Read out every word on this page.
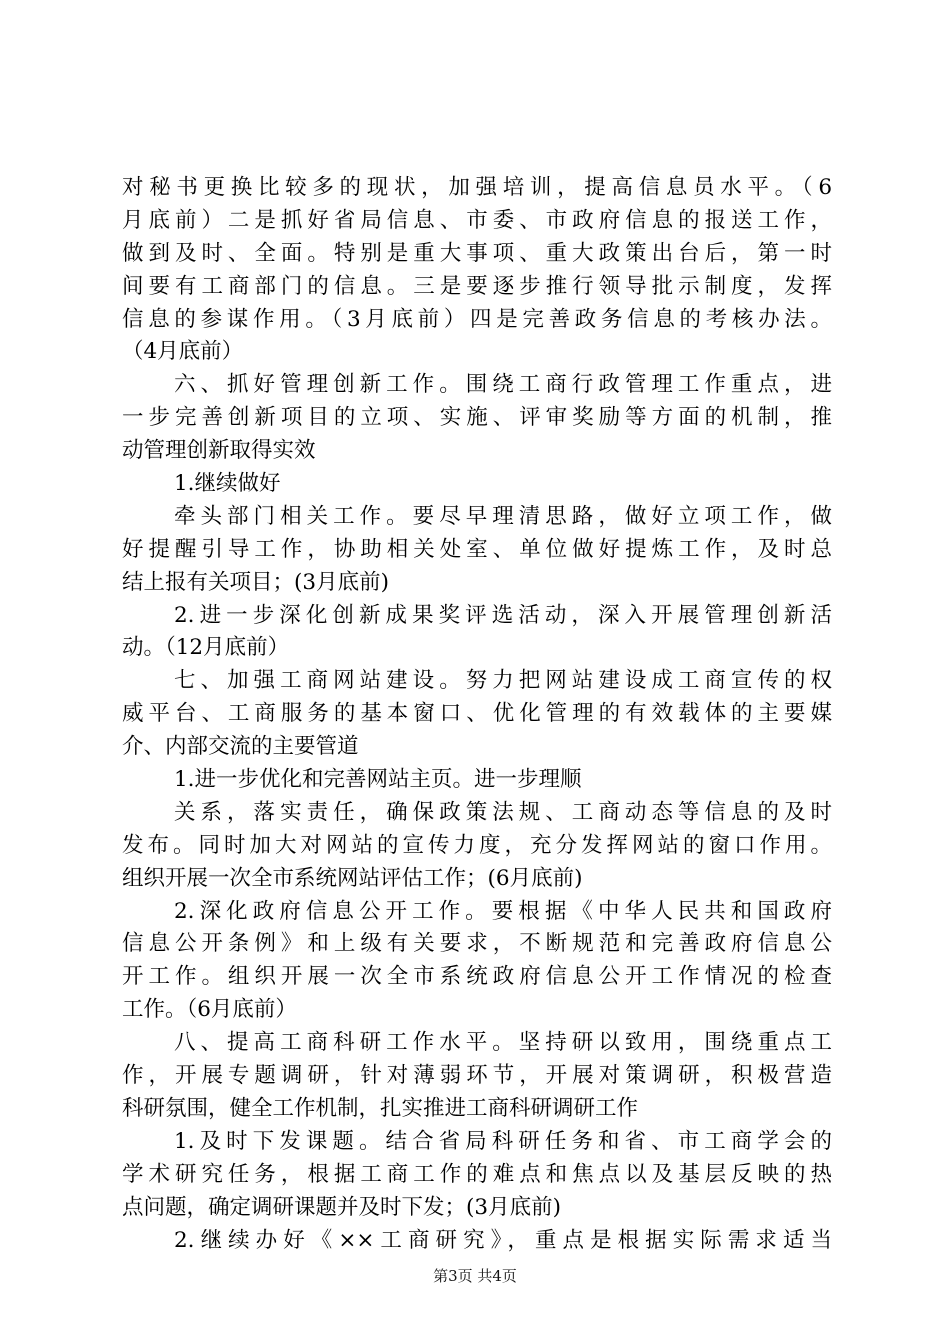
对秘书更换比较多的现状，加强培训，提高信息员水平。（6
月底前）二是抓好省局信息、市委、市政府信息的报送工作，
做到及时、全面。特别是重大事项、重大政策出台后，第一时
间要有工商部门的信息。三是要逐步推行领导批示制度，发挥
信息的参谋作用。（3月底前）四是完善政务信息的考核办法。
（4月底前）
六、抓好管理创新工作。围绕工商行政管理工作重点，进
一步完善创新项目的立项、实施、评审奖励等方面的机制，推
动管理创新取得实效
1.继续做好
牵头部门相关工作。要尽早理清思路，做好立项工作，做
好提醒引导工作，协助相关处室、单位做好提炼工作，及时总
结上报有关项目；(3月底前)
2.进一步深化创新成果奖评选活动，深入开展管理创新活
动。（12月底前）
七、加强工商网站建设。努力把网站建设成工商宣传的权
威平台、工商服务的基本窗口、优化管理的有效载体的主要媒
介、内部交流的主要管道
1.进一步优化和完善网站主页。进一步理顺
关系，落实责任，确保政策法规、工商动态等信息的及时
发布。同时加大对网站的宣传力度，充分发挥网站的窗口作用。
组织开展一次全市系统网站评估工作；(6月底前)
2.深化政府信息公开工作。要根据《中华人民共和国政府
信息公开条例》和上级有关要求，不断规范和完善政府信息公
开工作。组织开展一次全市系统政府信息公开工作情况的检查
工作。（6月底前）
八、提高工商科研工作水平。坚持研以致用，围绕重点工
作，开展专题调研，针对薄弱环节，开展对策调研，积极营造
科研氛围，健全工作机制，扎实推进工商科研调研工作
1.及时下发课题。结合省局科研任务和省、市工商学会的
学术研究任务，根据工商工作的难点和焦点以及基层反映的热
点问题，确定调研课题并及时下发；(3月底前)
2.继续办好《××工商研究》，重点是根据实际需求适当
第3页 共4页
